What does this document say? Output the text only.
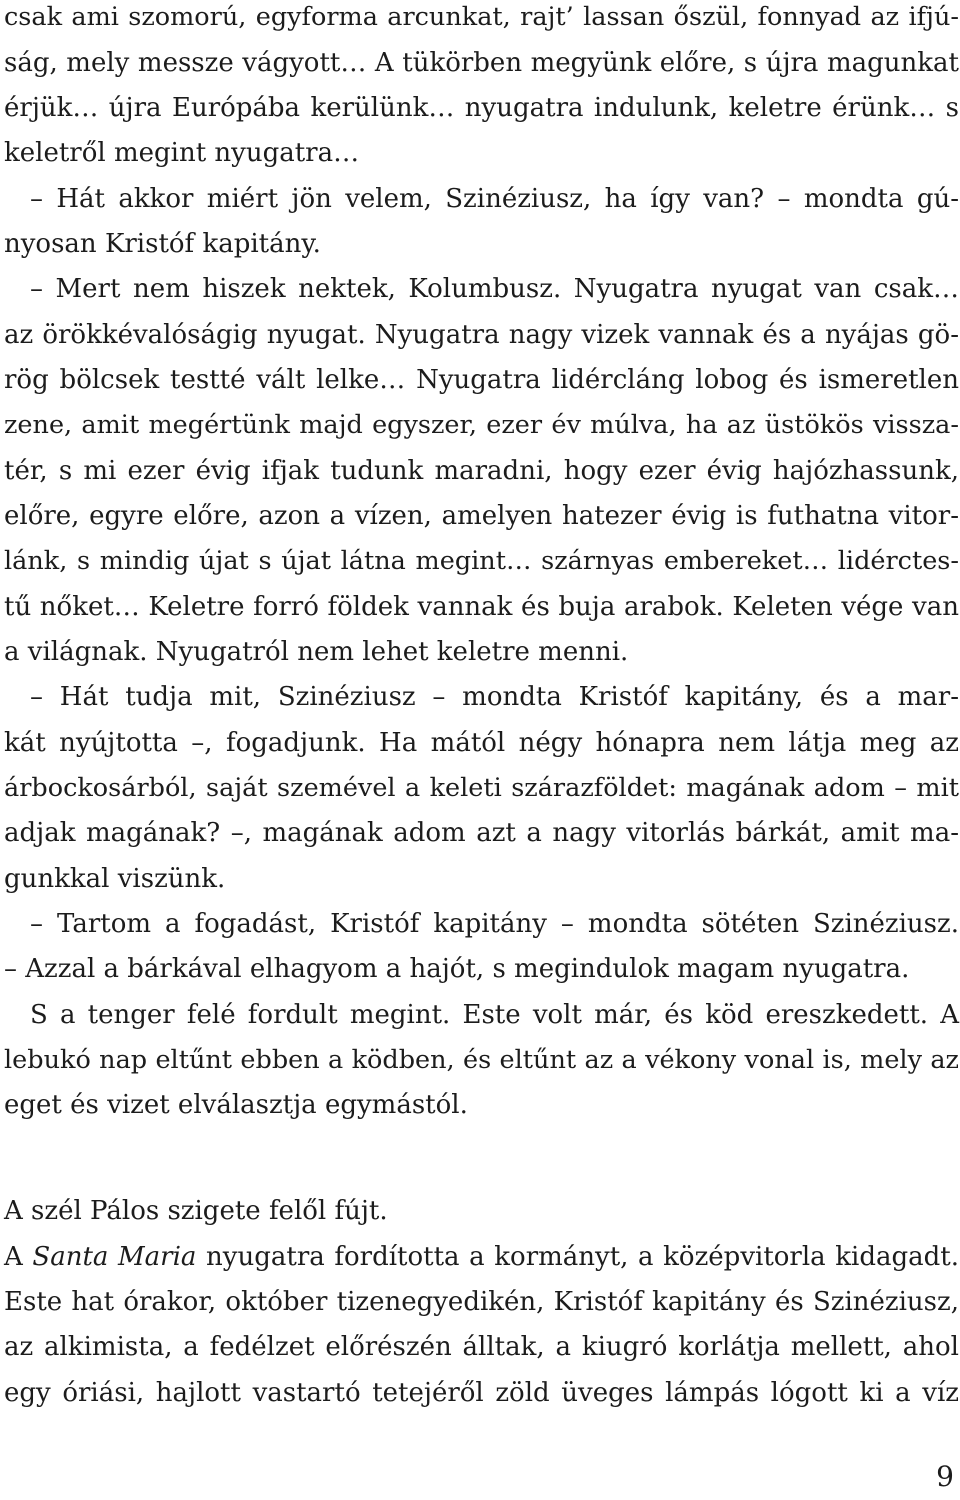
csak ami szomorú, egyforma arcunkat, rajt’ lassan őszül, fonnyad az ifjú-
ság, mely messze vágyott… A tükörben megyünk előre, s újra magunkat
érjük… újra Európába kerülünk… nyugatra indulunk, keletre érünk… s
keletről megint nyugatra…
 – Hát akkor miért jön velem, Szinéziusz, ha így van? – mondta gú-
nyosan Kristóf kapitány.
 – Mert nem hiszek nektek, Kolumbusz. Nyugatra nyugat van csak…
az örökkévalóságig nyugat. Nyugatra nagy vizek vannak és a nyájas gö-
rög bölcsek testté vált lelke… Nyugatra lidércláng lobog és ismeretlen
zene, amit megértünk majd egyszer, ezer év múlva, ha az üstökös vissza-
tér, s mi ezer évig ifjak tudunk maradni, hogy ezer évig hajózhassunk,
előre, egyre előre, azon a vízen, amelyen hatezer évig is futhatna vitor-
lánk, s mindig újat s újat látna megint… szárnyas embereket… lidérctes-
tű nőket… Keletre forró földek vannak és buja arabok. Keleten vége van
a világnak. Nyugatról nem lehet keletre menni.
 – Hát tudja mit, Szinéziusz – mondta Kristóf kapitány, és a mar-
kát nyújtotta –, fogadjunk. Ha mától négy hónapra nem látja meg az
árbockosárból, saját szemével a keleti szárazföldet: magának adom – mit
adjak magának? –, magának adom azt a nagy vitorlás bárkát, amit ma-
gunkkal viszünk.
 – Tartom a fogadást, Kristóf kapitány – mondta sötéten Szinéziusz.
– Azzal a bárkával elhagyom a hajót, s megindulok magam nyugatra.
 S a tenger felé fordult megint. Este volt már, és köd ereszkedett. A
lebukó nap eltűnt ebben a ködben, és eltűnt az a vékony vonal is, mely az
eget és vizet elválasztja egymástól.
A szél Pálos szigete felől fújt.
A Santa Maria nyugatra fordította a kormányt, a középvitorla kidagadt.
Este hat órakor, október tizenegyedikén, Kristóf kapitány és Szinéziusz,
az alkimista, a fedélzet előrészén álltak, a kiugró korlátja mellett, ahol
egy óriási, hajlott vastartó tetejéről zöld üveges lámpás lógott ki a víz
9
